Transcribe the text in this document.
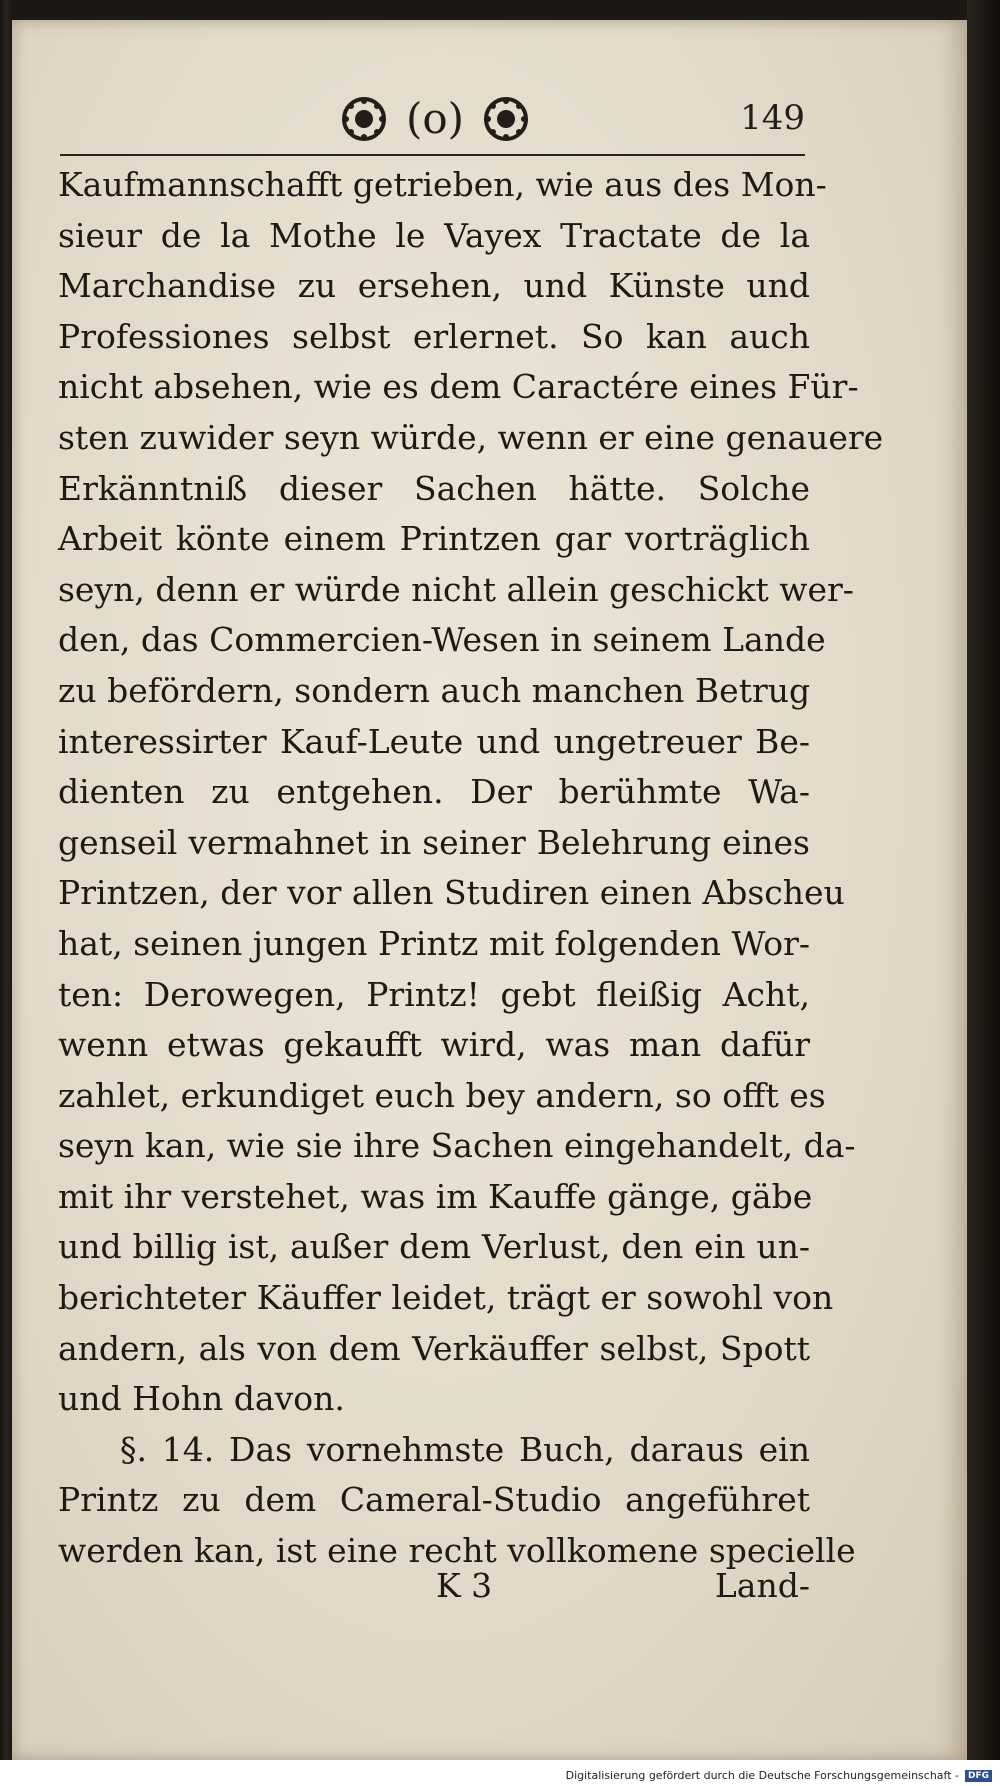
(o)	149
Kaufmannschafft getrieben, wie aus des Mon-
sieur de la Mothe le Vayex Tractate de la
Marchandise zu ersehen, und Künste und
Professiones selbst erlernet. So kan auch
nicht absehen, wie es dem Caractére eines Für-
sten zuwider seyn würde, wenn er eine genauere
Erkänntniß dieser Sachen hätte. Solche
Arbeit könte einem Printzen gar vorträglich
seyn, denn er würde nicht allein geschickt wer-
den, das Commercien-Wesen in seinem Lande
zu befördern, sondern auch manchen Betrug
interessirter Kauf-Leute und ungetreuer Be-
dienten zu entgehen. Der berühmte Wa-
genseil vermahnet in seiner Belehrung eines
Printzen, der vor allen Studiren einen Abscheu
hat, seinen jungen Printz mit folgenden Wor-
ten: Derowegen, Printz! gebt fleißig Acht,
wenn etwas gekaufft wird, was man dafür
zahlet, erkundiget euch bey andern, so offt es
seyn kan, wie sie ihre Sachen eingehandelt, da-
mit ihr verstehet, was im Kauffe gänge, gäbe
und billig ist, außer dem Verlust, den ein un-
berichteter Käuffer leidet, trägt er sowohl von
andern, als von dem Verkäuffer selbst, Spott
und Hohn davon.
§. 14. Das vornehmste Buch, daraus ein
Printz zu dem Cameral-Studio angeführet
werden kan, ist eine recht vollkomene specielle
K 3	Land-
Digitalisierung gefördert durch die Deutsche Forschungsgemeinschaft -	DFG
